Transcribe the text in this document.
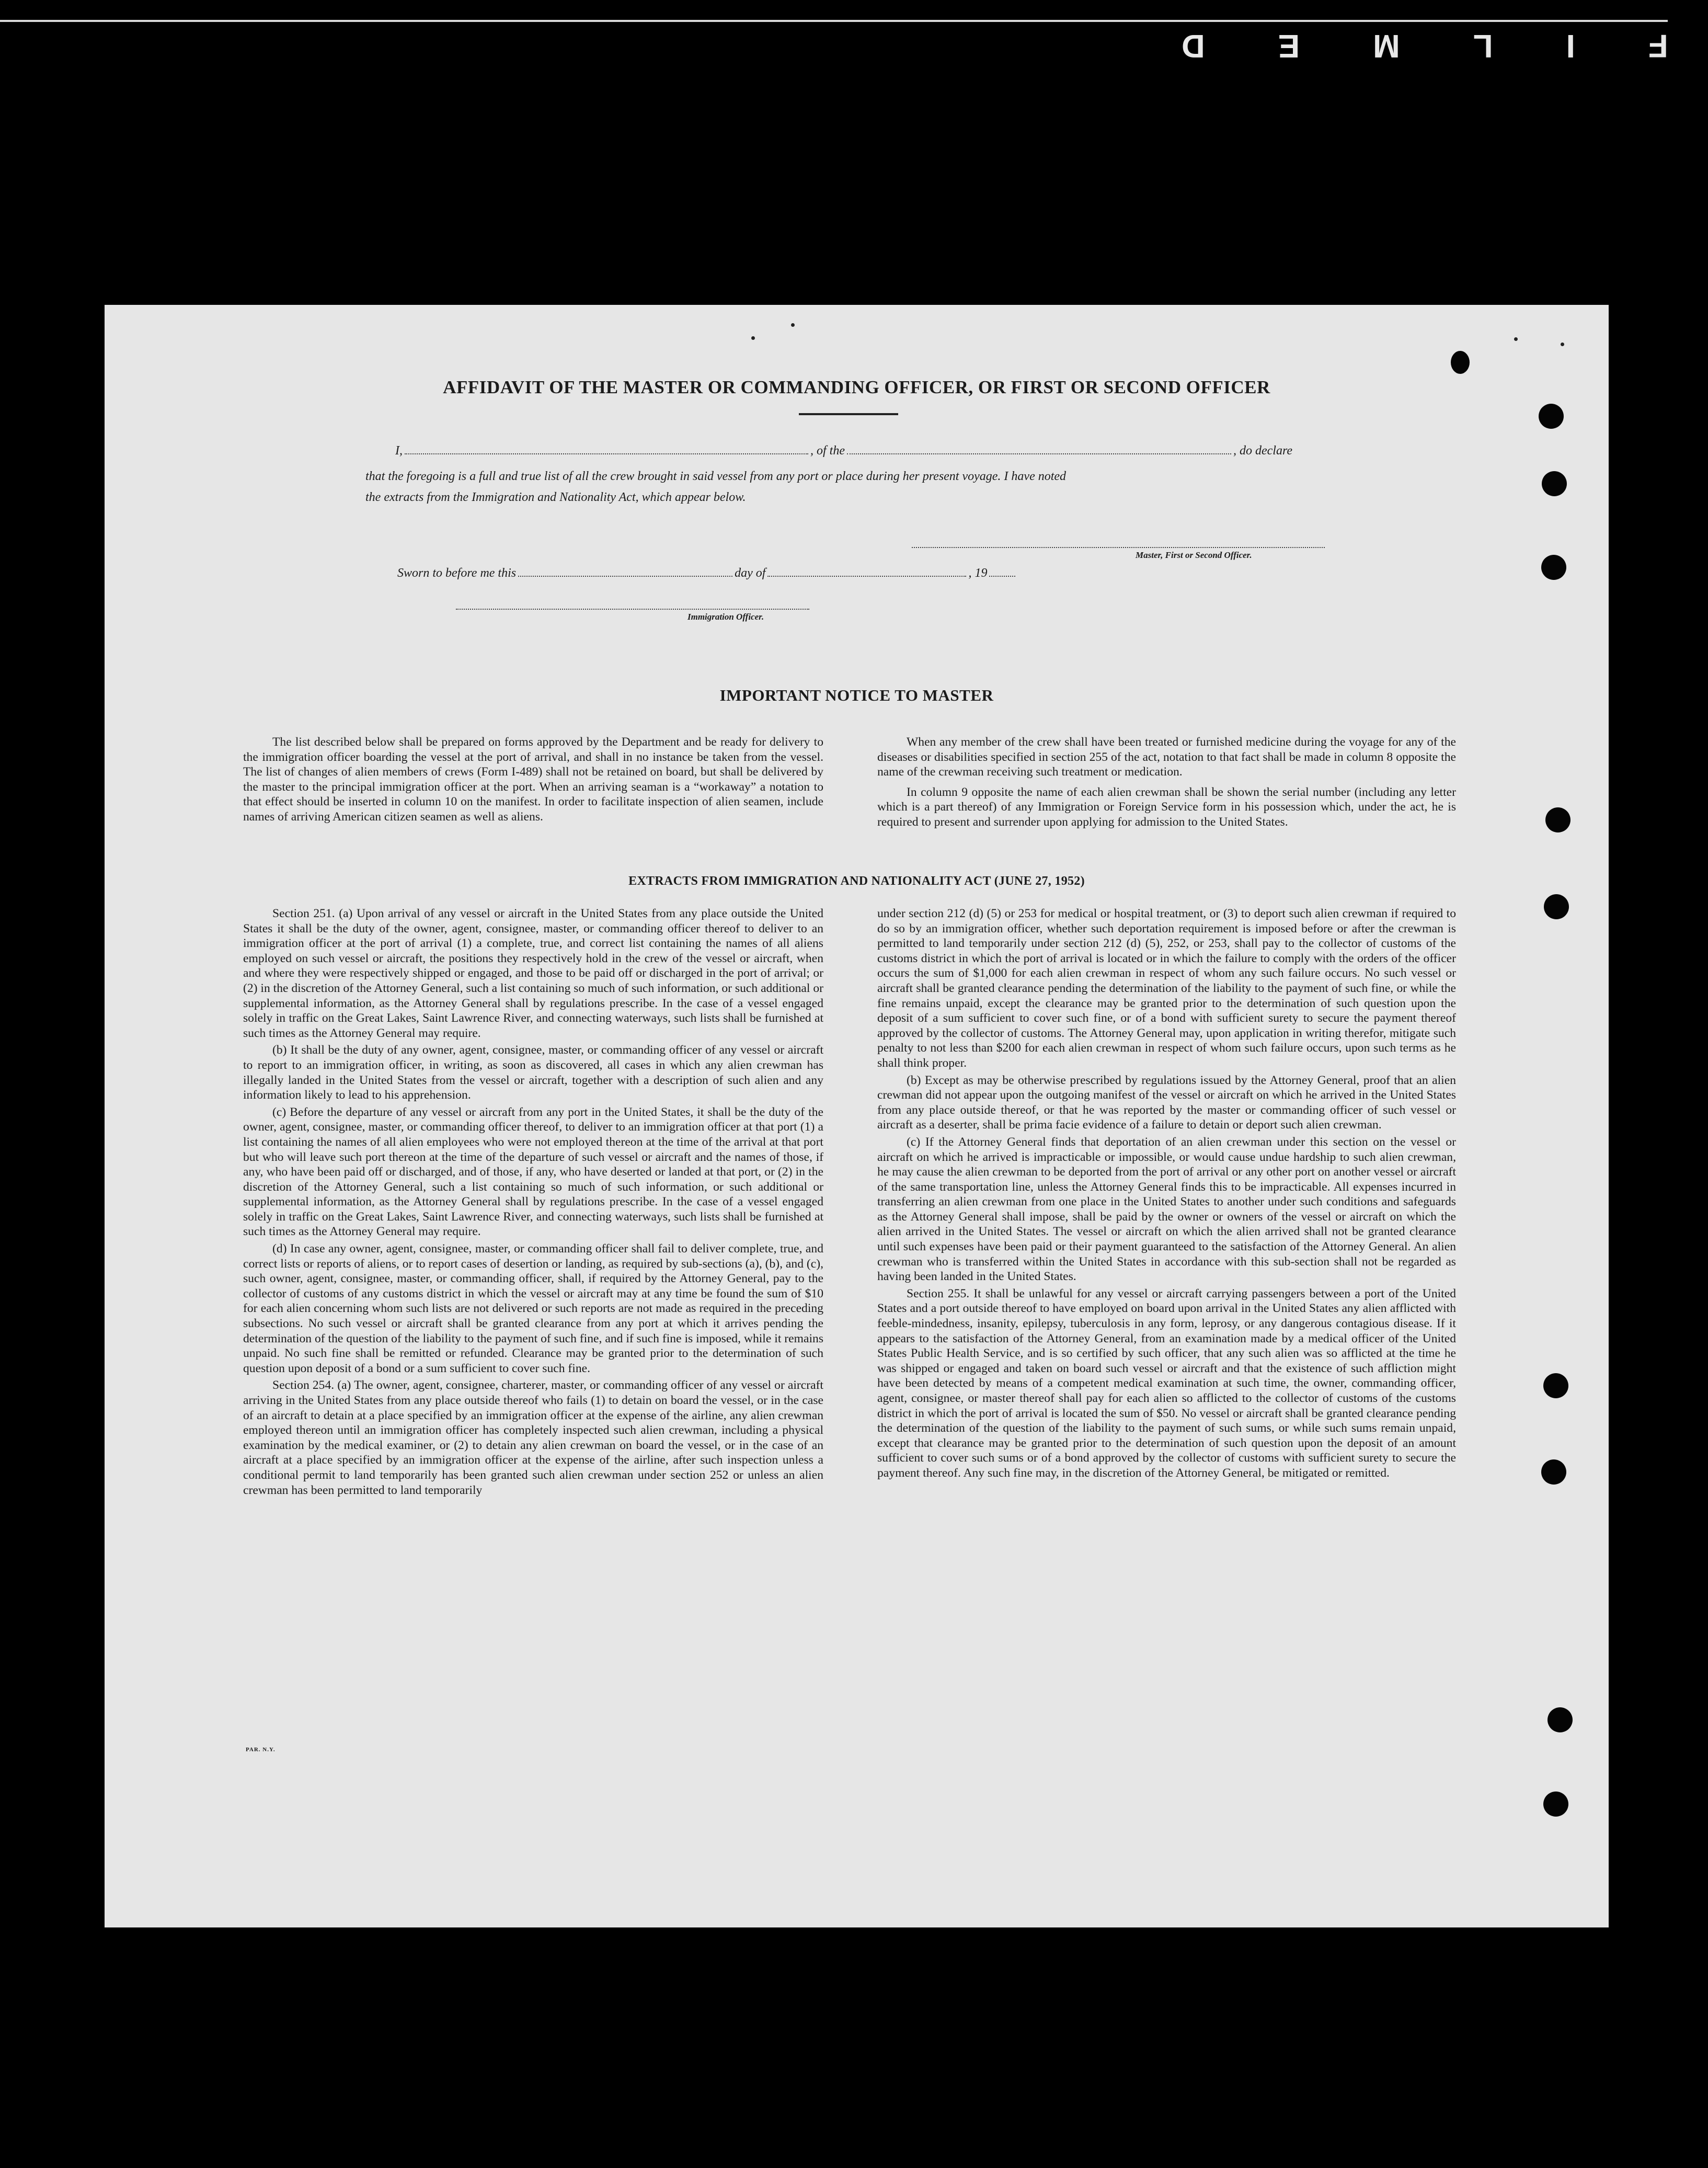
FILMED
AFFIDAVIT OF THE MASTER OR COMMANDING OFFICER, OR FIRST OR SECOND OFFICER
I,	, of the	, do declare
that the foregoing is a full and true list of all the crew brought in said vessel from any port or place during her present voyage. I have noted
the extracts from the Immigration and Nationality Act, which appear below.
Master, First or Second Officer.
Sworn to before me this	day of	, 19
Immigration Officer.
IMPORTANT NOTICE TO MASTER

The list described below shall be prepared on forms approved by the Department and be ready for delivery to the immigration officer boarding the vessel at the port of arrival, and shall in no instance be taken from the vessel. The list of changes of alien members of crews (Form I-489) shall not be retained on board, but shall be delivered by the master to the principal immigration officer at the port. When an arriving seaman is a “workaway” a notation to that effect should be inserted in column 10 on the manifest. In order to facilitate inspection of alien seamen, include names of arriving American citizen seamen as well as aliens.

When any member of the crew shall have been treated or furnished medicine during the voyage for any of the diseases or disabilities specified in section 255 of the act, notation to that fact shall be made in column 8 opposite the name of the crewman receiving such treatment or medication.

In column 9 opposite the name of each alien crewman shall be shown the serial number (including any letter which is a part thereof) of any Immigration or Foreign Service form in his possession which, under the act, he is required to present and surrender upon applying for admission to the United States.

EXTRACTS FROM IMMIGRATION AND NATIONALITY ACT (JUNE 27, 1952)

Section 251. (a) Upon arrival of any vessel or aircraft in the United States from any place outside the United States it shall be the duty of the owner, agent, consignee, master, or commanding officer thereof to deliver to an immigration officer at the port of arrival (1) a complete, true, and correct list containing the names of all aliens employed on such vessel or aircraft, the positions they respectively hold in the crew of the vessel or aircraft, when and where they were respectively shipped or engaged, and those to be paid off or discharged in the port of arrival; or (2) in the discretion of the Attorney General, such a list containing so much of such information, or such additional or supplemental information, as the Attorney General shall by regulations prescribe. In the case of a vessel engaged solely in traffic on the Great Lakes, Saint Lawrence River, and connecting waterways, such lists shall be furnished at such times as the Attorney General may require.

(b) It shall be the duty of any owner, agent, consignee, master, or commanding officer of any vessel or aircraft to report to an immigration officer, in writing, as soon as discovered, all cases in which any alien crewman has illegally landed in the United States from the vessel or aircraft, together with a description of such alien and any information likely to lead to his apprehension.

(c) Before the departure of any vessel or aircraft from any port in the United States, it shall be the duty of the owner, agent, consignee, master, or commanding officer thereof, to deliver to an immigration officer at that port (1) a list containing the names of all alien employees who were not employed thereon at the time of the arrival at that port but who will leave such port thereon at the time of the departure of such vessel or aircraft and the names of those, if any, who have been paid off or discharged, and of those, if any, who have deserted or landed at that port, or (2) in the discretion of the Attorney General, such a list containing so much of such information, or such additional or supplemental information, as the Attorney General shall by regulations prescribe. In the case of a vessel engaged solely in traffic on the Great Lakes, Saint Lawrence River, and connecting waterways, such lists shall be furnished at such times as the Attorney General may require.

(d) In case any owner, agent, consignee, master, or commanding officer shall fail to deliver complete, true, and correct lists or reports of aliens, or to report cases of desertion or landing, as required by sub-sections (a), (b), and (c), such owner, agent, consignee, master, or commanding officer, shall, if required by the Attorney General, pay to the collector of customs of any customs district in which the vessel or aircraft may at any time be found the sum of $10 for each alien concerning whom such lists are not delivered or such reports are not made as required in the preceding subsections. No such vessel or aircraft shall be granted clearance from any port at which it arrives pending the determination of the question of the liability to the payment of such fine, and if such fine is imposed, while it remains unpaid. No such fine shall be remitted or refunded. Clearance may be granted prior to the determination of such question upon deposit of a bond or a sum sufficient to cover such fine.

Section 254. (a) The owner, agent, consignee, charterer, master, or commanding officer of any vessel or aircraft arriving in the United States from any place outside thereof who fails (1) to detain on board the vessel, or in the case of an aircraft to detain at a place specified by an immigration officer at the expense of the airline, any alien crewman employed thereon until an immigration officer has completely inspected such alien crewman, including a physical examination by the medical examiner, or (2) to detain any alien crewman on board the vessel, or in the case of an aircraft at a place specified by an immigration officer at the expense of the airline, after such inspection unless a conditional permit to land temporarily has been granted such alien crewman under section 252 or unless an alien crewman has been permitted to land temporarily

under section 212 (d) (5) or 253 for medical or hospital treatment, or (3) to deport such alien crewman if required to do so by an immigration officer, whether such deportation requirement is imposed before or after the crewman is permitted to land temporarily under section 212 (d) (5), 252, or 253, shall pay to the collector of customs of the customs district in which the port of arrival is located or in which the failure to comply with the orders of the officer occurs the sum of $1,000 for each alien crewman in respect of whom any such failure occurs. No such vessel or aircraft shall be granted clearance pending the determination of the liability to the payment of such fine, or while the fine remains unpaid, except the clearance may be granted prior to the determination of such question upon the deposit of a sum sufficient to cover such fine, or of a bond with sufficient surety to secure the payment thereof approved by the collector of customs. The Attorney General may, upon application in writing therefor, mitigate such penalty to not less than $200 for each alien crewman in respect of whom such failure occurs, upon such terms as he shall think proper.

(b) Except as may be otherwise prescribed by regulations issued by the Attorney General, proof that an alien crewman did not appear upon the outgoing manifest of the vessel or aircraft on which he arrived in the United States from any place outside thereof, or that he was reported by the master or commanding officer of such vessel or aircraft as a deserter, shall be prima facie evidence of a failure to detain or deport such alien crewman.

(c) If the Attorney General finds that deportation of an alien crewman under this section on the vessel or aircraft on which he arrived is impracticable or impossible, or would cause undue hardship to such alien crewman, he may cause the alien crewman to be deported from the port of arrival or any other port on another vessel or aircraft of the same transportation line, unless the Attorney General finds this to be impracticable. All expenses incurred in transferring an alien crewman from one place in the United States to another under such conditions and safeguards as the Attorney General shall impose, shall be paid by the owner or owners of the vessel or aircraft on which the alien arrived in the United States. The vessel or aircraft on which the alien arrived shall not be granted clearance until such expenses have been paid or their payment guaranteed to the satisfaction of the Attorney General. An alien crewman who is transferred within the United States in accordance with this sub-section shall not be regarded as having been landed in the United States.

Section 255. It shall be unlawful for any vessel or aircraft carrying passengers between a port of the United States and a port outside thereof to have employed on board upon arrival in the United States any alien afflicted with feeble-mindedness, insanity, epilepsy, tuberculosis in any form, leprosy, or any dangerous contagious disease. If it appears to the satisfaction of the Attorney General, from an examination made by a medical officer of the United States Public Health Service, and is so certified by such officer, that any such alien was so afflicted at the time he was shipped or engaged and taken on board such vessel or aircraft and that the existence of such affliction might have been detected by means of a competent medical examination at such time, the owner, commanding officer, agent, consignee, or master thereof shall pay for each alien so afflicted to the collector of customs of the customs district in which the port of arrival is located the sum of $50. No vessel or aircraft shall be granted clearance pending the determination of the question of the liability to the payment of such sums, or while such sums remain unpaid, except that clearance may be granted prior to the determination of such question upon the deposit of an amount sufficient to cover such sums or of a bond approved by the collector of customs with sufficient surety to secure the payment thereof. Any such fine may, in the discretion of the Attorney General, be mitigated or remitted.

PAR. N.Y.
